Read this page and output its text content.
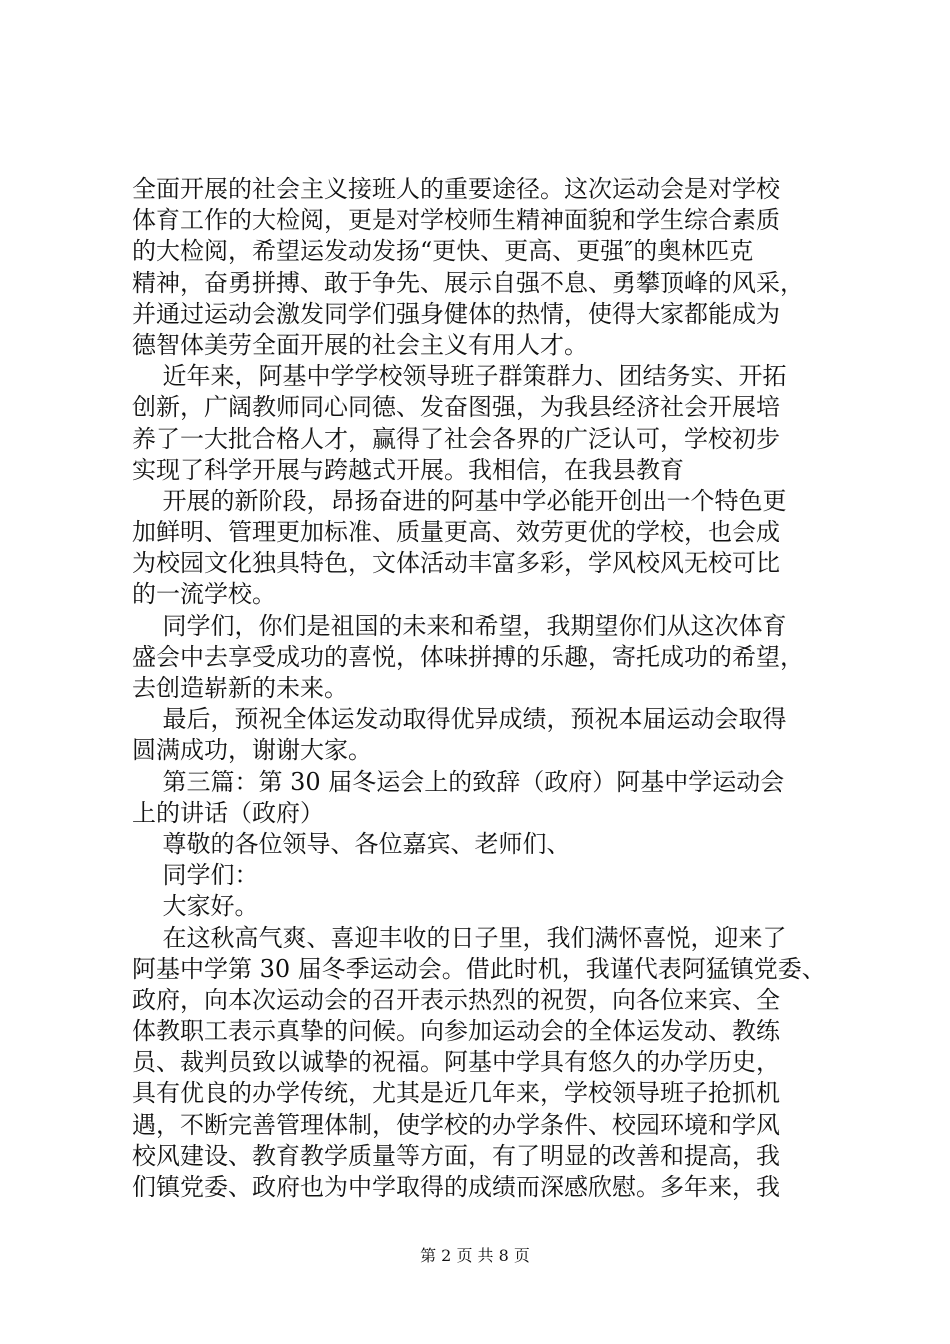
全面开展的社会主义接班人的重要途径。这次运动会是对学校
体育工作的大检阅，更是对学校师生精神面貌和学生综合素质
的大检阅，希望运发动发扬“更快、更高、更强″的奥林匹克
精神，奋勇拼搏、敢于争先、展示自强不息、勇攀顶峰的风采，
并通过运动会激发同学们强身健体的热情，使得大家都能成为
德智体美劳全面开展的社会主义有用人才。
近年来，阿基中学学校领导班子群策群力、团结务实、开拓
创新，广阔教师同心同德、发奋图强，为我县经济社会开展培
养了一大批合格人才，赢得了社会各界的广泛认可，学校初步
实现了科学开展与跨越式开展。我相信，在我县教育
开展的新阶段，昂扬奋进的阿基中学必能开创出一个特色更
加鲜明、管理更加标准、质量更高、效劳更优的学校，也会成
为校园文化独具特色，文体活动丰富多彩，学风校风无校可比
的一流学校。
同学们，你们是祖国的未来和希望，我期望你们从这次体育
盛会中去享受成功的喜悦，体味拼搏的乐趣，寄托成功的希望，
去创造崭新的未来。
最后，预祝全体运发动取得优异成绩，预祝本届运动会取得
圆满成功，谢谢大家。
第三篇：第 30 届冬运会上的致辞（政府）阿基中学运动会
上的讲话（政府）
尊敬的各位领导、各位嘉宾、老师们、
同学们：
大家好。
在这秋高气爽、喜迎丰收的日子里，我们满怀喜悦，迎来了
阿基中学第 30 届冬季运动会。借此时机，我谨代表阿猛镇党委、
政府，向本次运动会的召开表示热烈的祝贺，向各位来宾、全
体教职工表示真挚的问候。向参加运动会的全体运发动、教练
员、裁判员致以诚挚的祝福。阿基中学具有悠久的办学历史，
具有优良的办学传统，尤其是近几年来，学校领导班子抢抓机
遇，不断完善管理体制，使学校的办学条件、校园环境和学风
校风建设、教育教学质量等方面，有了明显的改善和提高，我
们镇党委、政府也为中学取得的成绩而深感欣慰。多年来，我
第 2 页 共 8 页
